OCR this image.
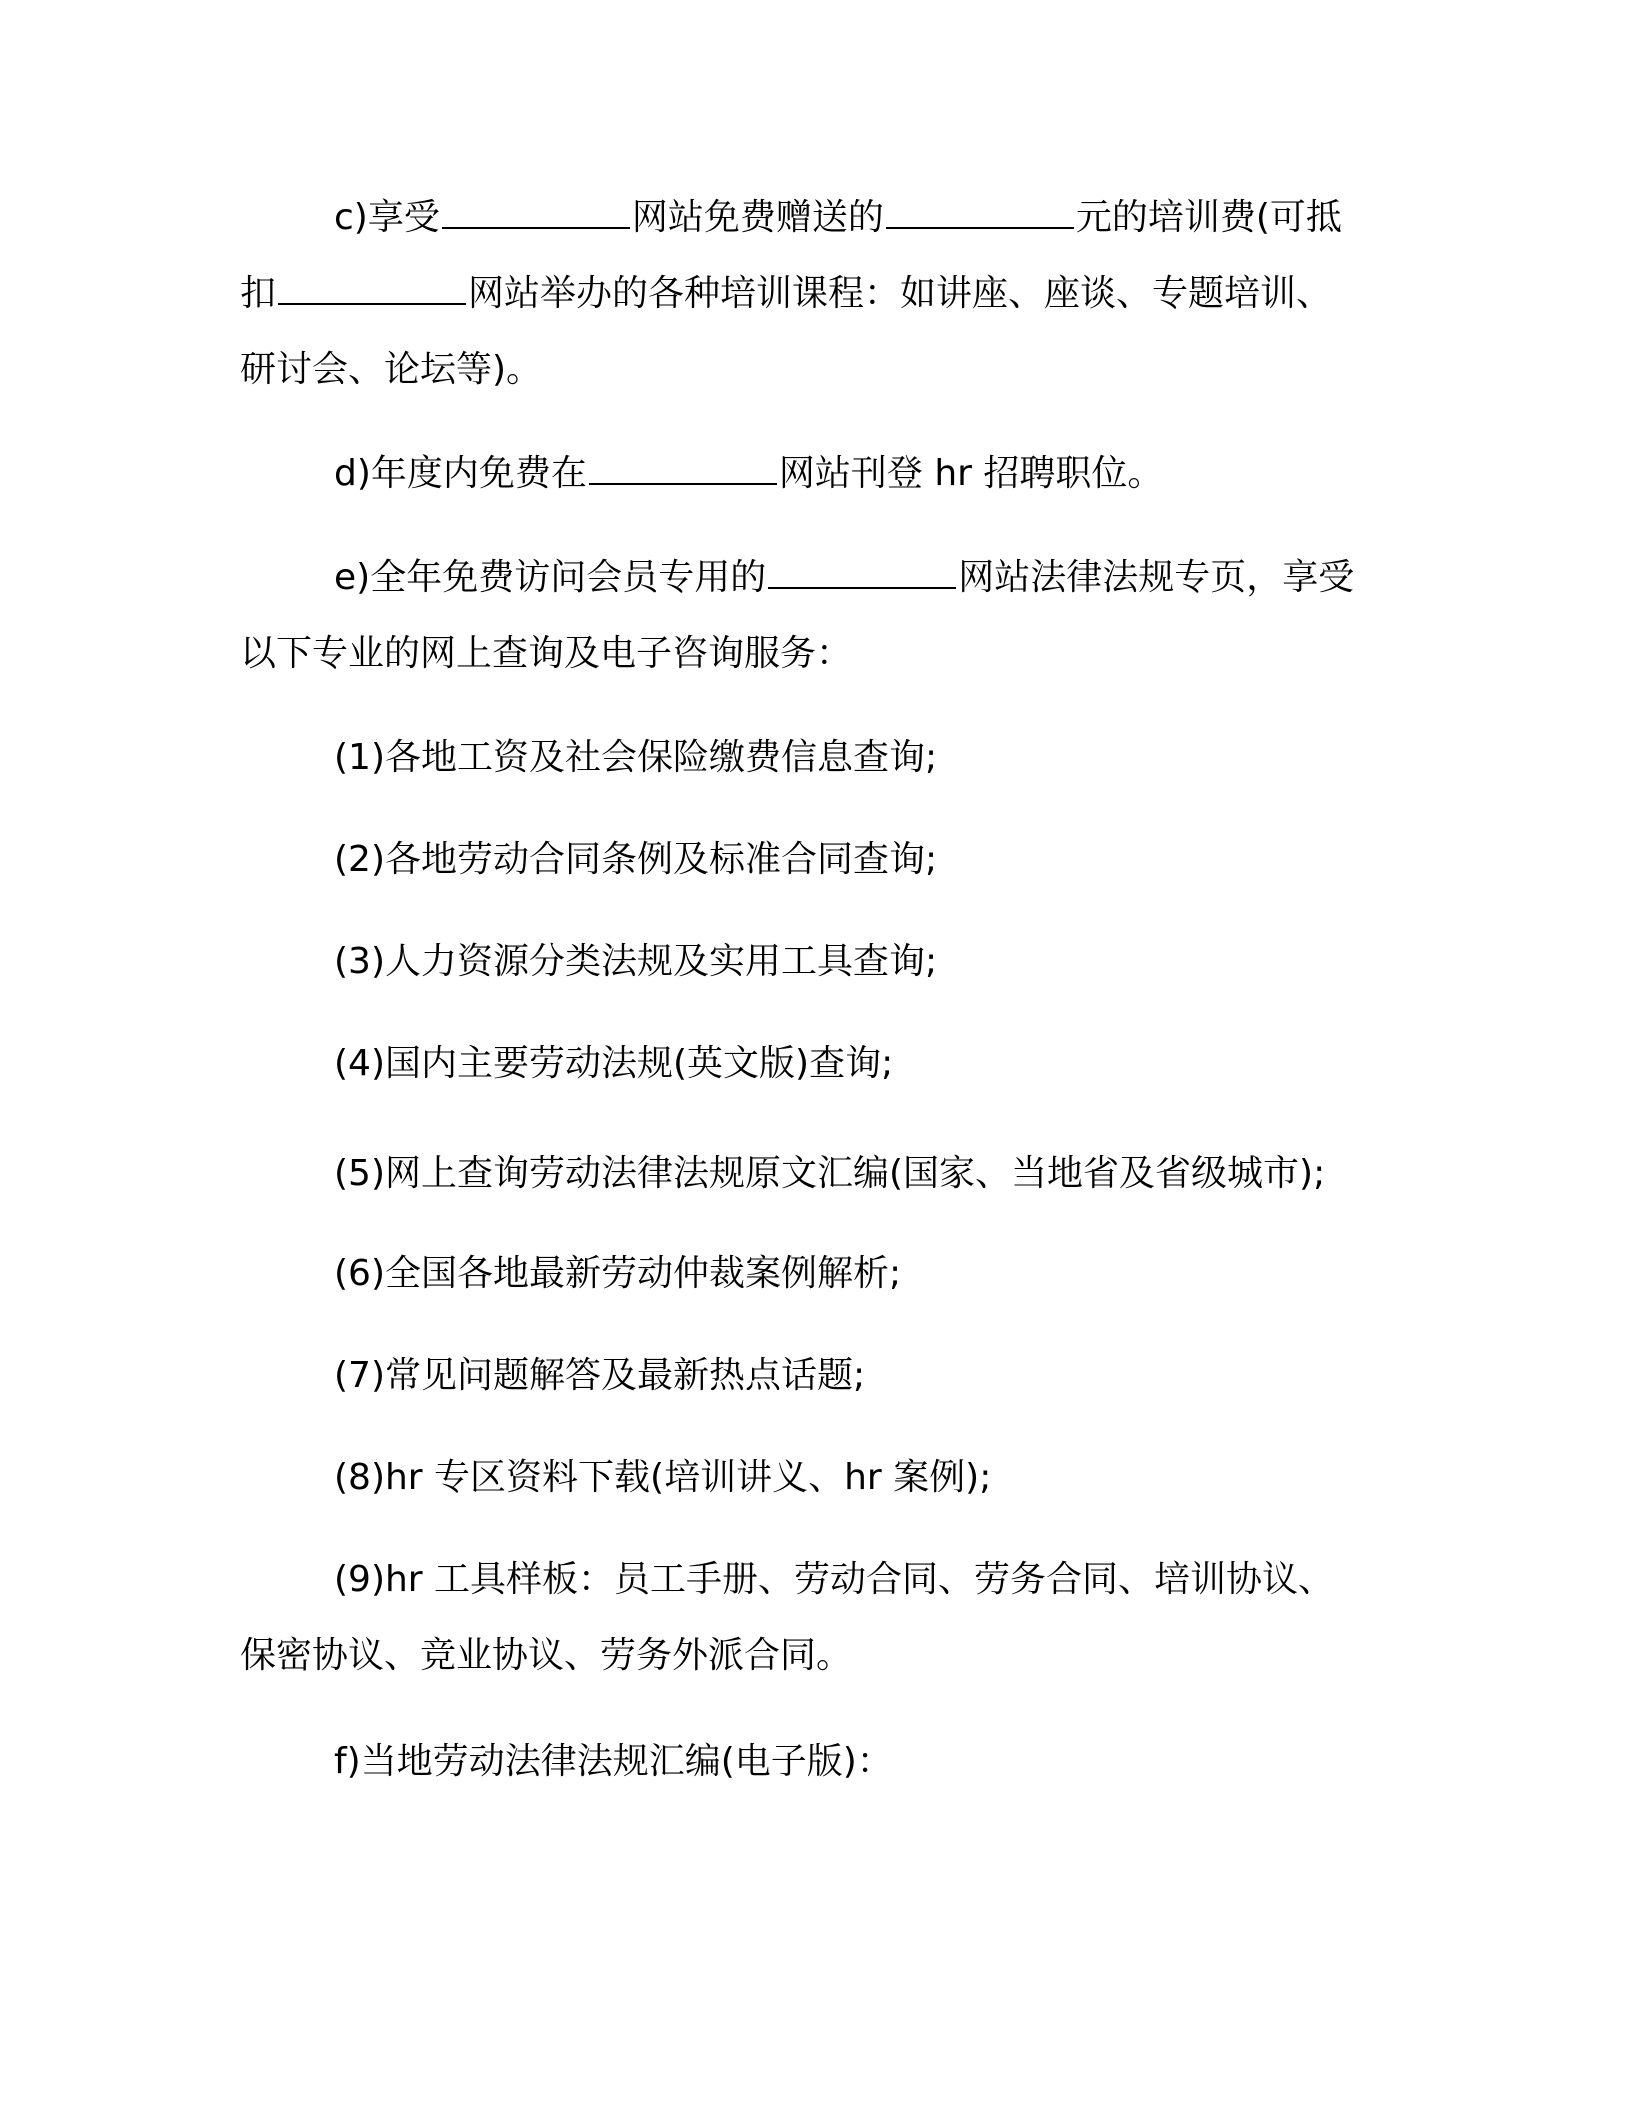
c)享受	网站免费赠送的	元的培训费(可抵
扣	网站举办的各种培训课程：如讲座、座谈、专题培训、
研讨会、论坛等)。
d)年度内免费在	网站刊登 hr 招聘职位。
e)全年免费访问会员专用的	网站法律法规专页，享受
以下专业的网上查询及电子咨询服务：
(1)各地工资及社会保险缴费信息查询;
(2)各地劳动合同条例及标准合同查询;
(3)人力资源分类法规及实用工具查询;
(4)国内主要劳动法规(英文版)查询;
(5)网上查询劳动法律法规原文汇编(国家、当地省及省级城市);
(6)全国各地最新劳动仲裁案例解析;
(7)常见问题解答及最新热点话题;
(8)hr 专区资料下载(培训讲义、hr 案例);
(9)hr 工具样板：员工手册、劳动合同、劳务合同、培训协议、
保密协议、竞业协议、劳务外派合同。
f)当地劳动法律法规汇编(电子版)：
